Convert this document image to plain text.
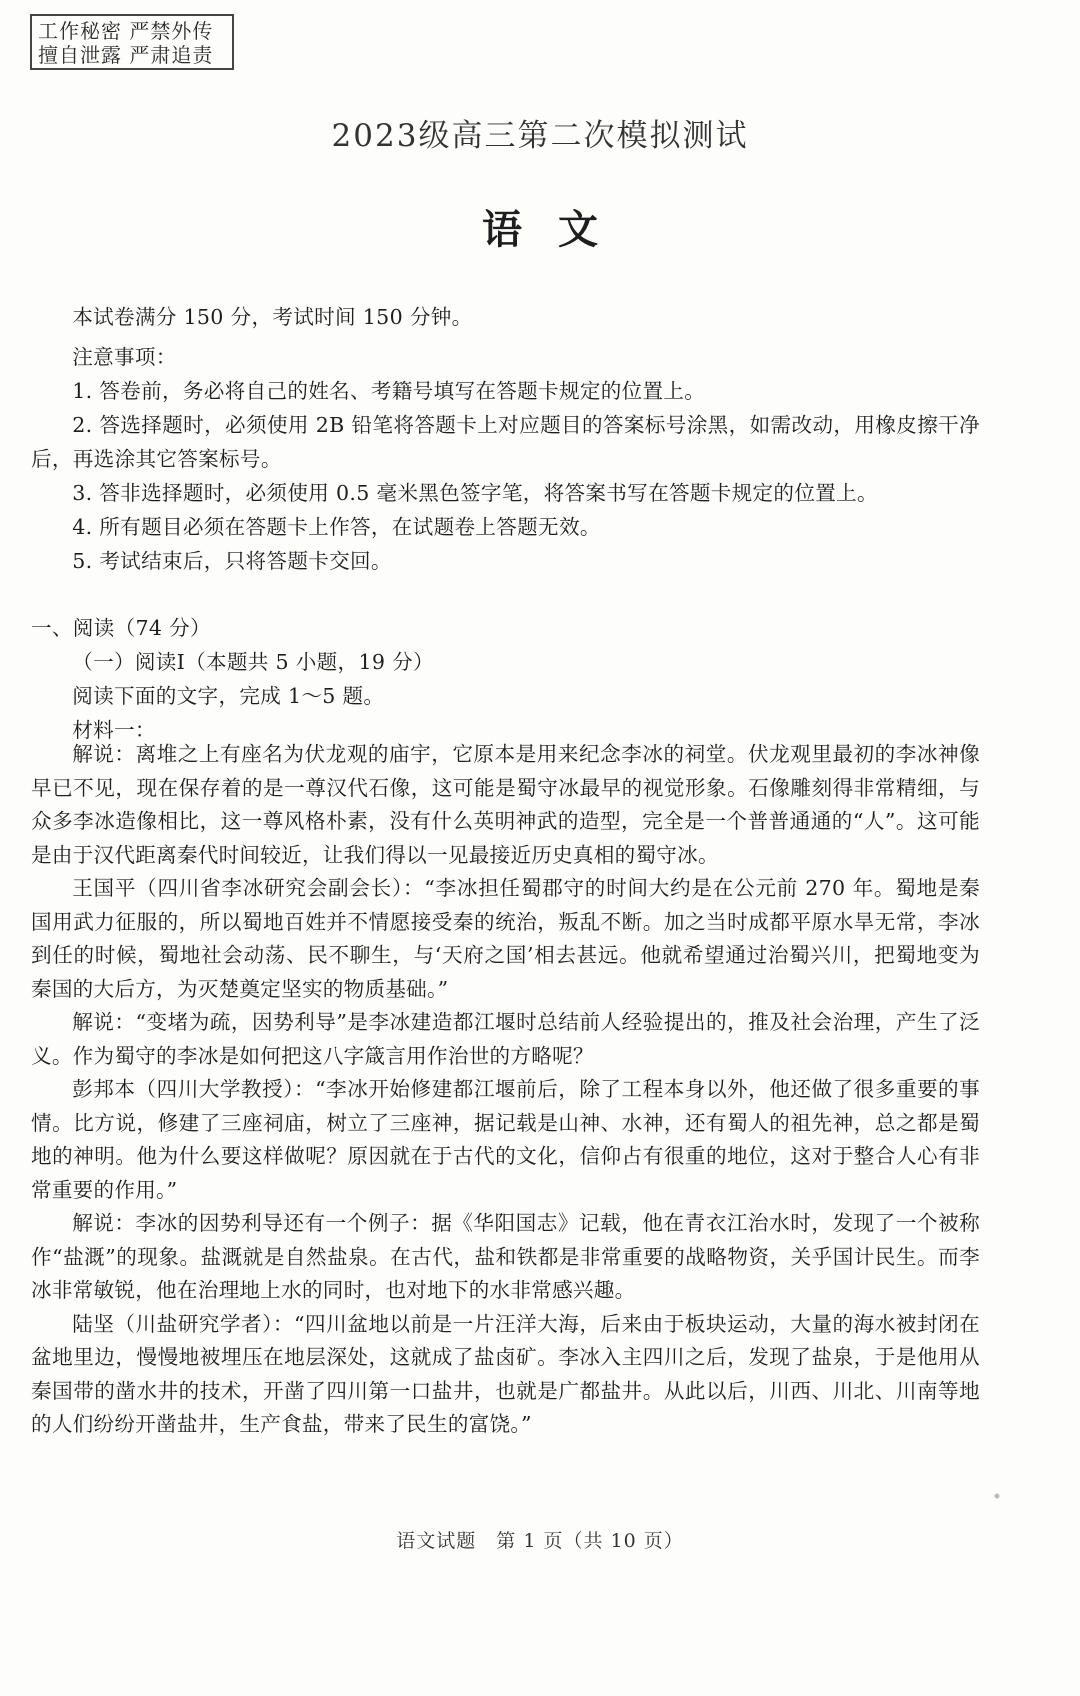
工作秘密 严禁外传
擅自泄露 严肃追责
2023级高三第二次模拟测试
语文

本试卷满分 150 分，考试时间 150 分钟。

注意事项：

1. 答卷前，务必将自己的姓名、考籍号填写在答题卡规定的位置上。

2. 答选择题时，必须使用 2B 铅笔将答题卡上对应题目的答案标号涂黑，如需改动，用橡皮擦干净后，再选涂其它答案标号。

3. 答非选择题时，必须使用 0.5 毫米黑色签字笔，将答案书写在答题卡规定的位置上。

4. 所有题目必须在答题卡上作答，在试题卷上答题无效。

5. 考试结束后，只将答题卡交回。

一、阅读（74 分）

（一）阅读Ⅰ（本题共 5 小题，19 分）

阅读下面的文字，完成 1～5 题。

材料一：

解说：离堆之上有座名为伏龙观的庙宇，它原本是用来纪念李冰的祠堂。伏龙观里最初的李冰神像早已不见，现在保存着的是一尊汉代石像，这可能是蜀守冰最早的视觉形象。石像雕刻得非常精细，与众多李冰造像相比，这一尊风格朴素，没有什么英明神武的造型，完全是一个普普通通的“人”。这可能是由于汉代距离秦代时间较近，让我们得以一见最接近历史真相的蜀守冰。

王国平（四川省李冰研究会副会长）：“李冰担任蜀郡守的时间大约是在公元前 270 年。蜀地是秦国用武力征服的，所以蜀地百姓并不情愿接受秦的统治，叛乱不断。加之当时成都平原水旱无常，李冰到任的时候，蜀地社会动荡、民不聊生，与‘天府之国’相去甚远。他就希望通过治蜀兴川，把蜀地变为秦国的大后方，为灭楚奠定坚实的物质基础。”

解说：“变堵为疏，因势利导”是李冰建造都江堰时总结前人经验提出的，推及社会治理，产生了泛义。作为蜀守的李冰是如何把这八字箴言用作治世的方略呢？

彭邦本（四川大学教授）：“李冰开始修建都江堰前后，除了工程本身以外，他还做了很多重要的事情。比方说，修建了三座祠庙，树立了三座神，据记载是山神、水神，还有蜀人的祖先神，总之都是蜀地的神明。他为什么要这样做呢？原因就在于古代的文化，信仰占有很重的地位，这对于整合人心有非常重要的作用。”

解说：李冰的因势利导还有一个例子：据《华阳国志》记载，他在青衣江治水时，发现了一个被称作“盐溉”的现象。盐溉就是自然盐泉。在古代，盐和铁都是非常重要的战略物资，关乎国计民生。而李冰非常敏锐，他在治理地上水的同时，也对地下的水非常感兴趣。

陆坚（川盐研究学者）：“四川盆地以前是一片汪洋大海，后来由于板块运动，大量的海水被封闭在盆地里边，慢慢地被埋压在地层深处，这就成了盐卤矿。李冰入主四川之后，发现了盐泉，于是他用从秦国带的凿水井的技术，开凿了四川第一口盐井，也就是广都盐井。从此以后，川西、川北、川南等地的人们纷纷开凿盐井，生产食盐，带来了民生的富饶。”

语文试题　第 1 页（共 10 页）
